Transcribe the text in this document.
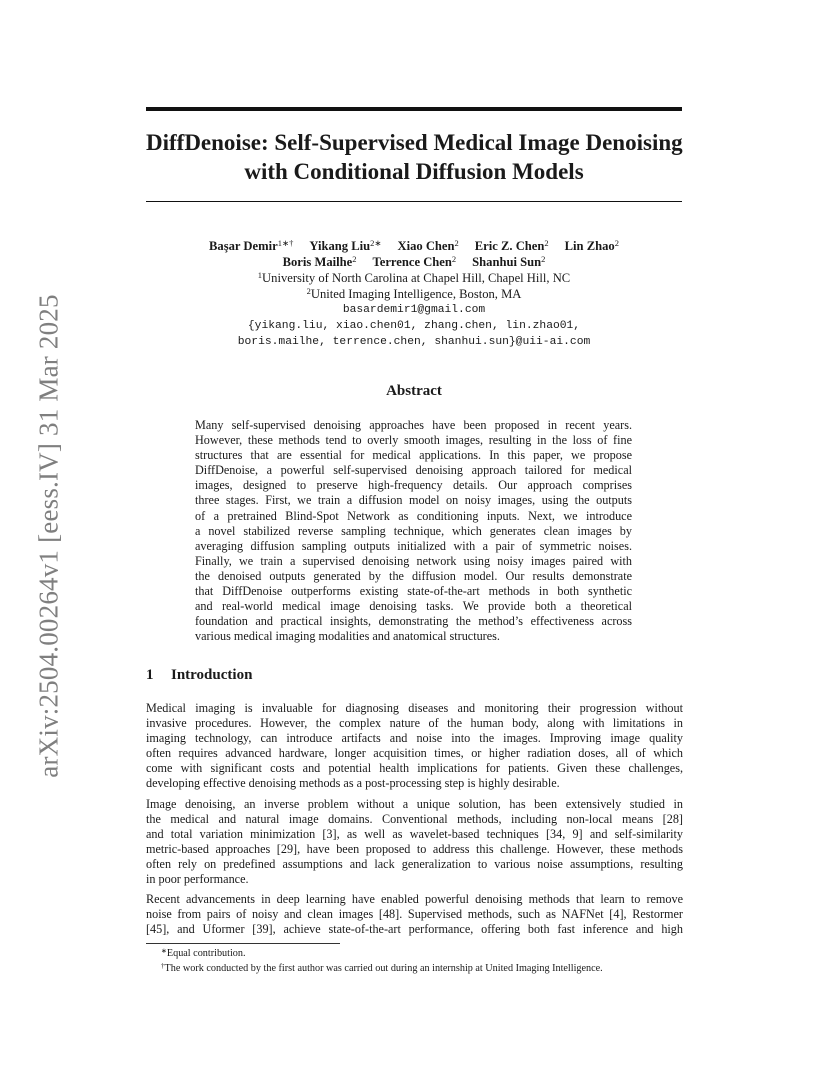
arXiv:2504.00264v1 [eess.IV] 31 Mar 2025
DiffDenoise: Self-Supervised Medical Image Denoising
with Conditional Diffusion Models
Başar Demir$^{1∗\dagger}$ Yikang Liu$^{2∗}$ Xiao Chen$^2$ Eric Z. Chen$^2$ Lin Zhao$^2$
Boris Mailhe$^2$ Terrence Chen$^2$ Shanhui Sun$^2$
$^1$University of North Carolina at Chapel Hill, Chapel Hill, NC
$^2$United Imaging Intelligence, Boston, MA
basardemir1@gmail.com
{yikang.liu, xiao.chen01, zhang.chen, lin.zhao01,
boris.mailhe, terrence.chen, shanhui.sun}@uii-ai.com
Abstract
Many self-supervised denoising approaches have been proposed in recent years.
However, these methods tend to overly smooth images, resulting in the loss of fine
structures that are essential for medical applications. In this paper, we propose
DiffDenoise, a powerful self-supervised denoising approach tailored for medical
images, designed to preserve high-frequency details. Our approach comprises
three stages. First, we train a diffusion model on noisy images, using the outputs
of a pretrained Blind-Spot Network as conditioning inputs. Next, we introduce
a novel stabilized reverse sampling technique, which generates clean images by
averaging diffusion sampling outputs initialized with a pair of symmetric noises.
Finally, we train a supervised denoising network using noisy images paired with
the denoised outputs generated by the diffusion model. Our results demonstrate
that DiffDenoise outperforms existing state-of-the-art methods in both synthetic
and real-world medical image denoising tasks. We provide both a theoretical
foundation and practical insights, demonstrating the method’s effectiveness across
various medical imaging modalities and anatomical structures.
1 Introduction
Medical imaging is invaluable for diagnosing diseases and monitoring their progression without
invasive procedures. However, the complex nature of the human body, along with limitations in
imaging technology, can introduce artifacts and noise into the images. Improving image quality
often requires advanced hardware, longer acquisition times, or higher radiation doses, all of which
come with significant costs and potential health implications for patients. Given these challenges,
developing effective denoising methods as a post-processing step is highly desirable.
Image denoising, an inverse problem without a unique solution, has been extensively studied in
the medical and natural image domains. Conventional methods, including non-local means [28]
and total variation minimization [3], as well as wavelet-based techniques [34, 9] and self-similarity
metric-based approaches [29], have been proposed to address this challenge. However, these methods
often rely on predefined assumptions and lack generalization to various noise assumptions, resulting
in poor performance.
Recent advancements in deep learning have enabled powerful denoising methods that learn to remove
noise from pairs of noisy and clean images [48]. Supervised methods, such as NAFNet [4], Restormer
[45], and Uformer [39], achieve state-of-the-art performance, offering both fast inference and high
∗Equal contribution.
†The work conducted by the first author was carried out during an internship at United Imaging Intelligence.
